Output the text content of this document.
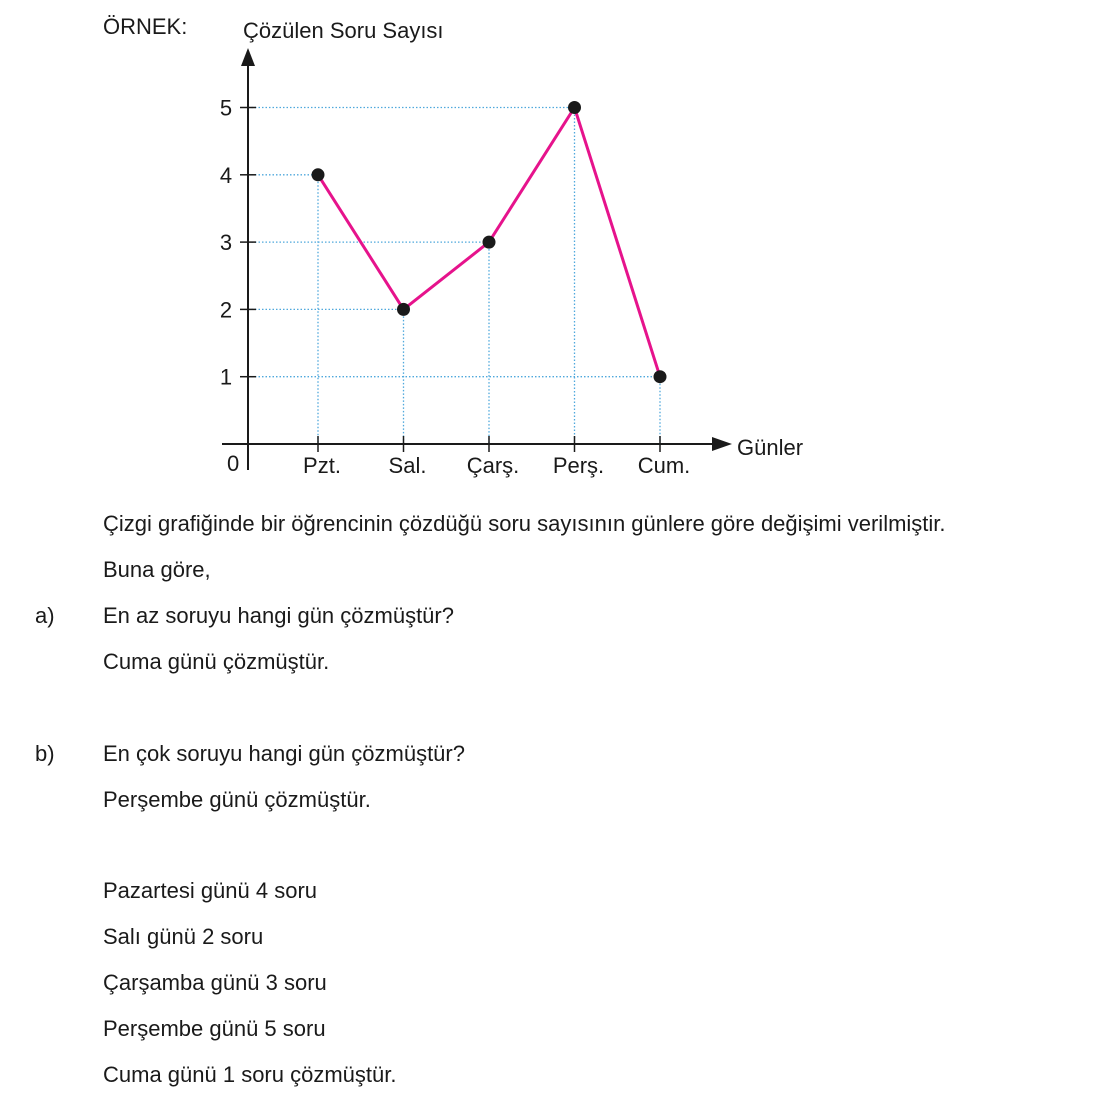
ÖRNEK:	Çözülen Soru Sayısı
Günler
0
1
2
3
4
5
Pzt. Sal. Çarş. Perş. Cum.
Çizgi grafiğinde bir öğrencinin çözdüğü soru sayısının günlere göre değişimi verilmiştir.
Buna göre,
a) En az soruyu hangi gün çözmüştür?
Cuma günü çözmüştür.
b) En çok soruyu hangi gün çözmüştür?
Perşembe günü çözmüştür.
Pazartesi günü 4 soru
Salı günü 2 soru
Çarşamba günü 3 soru
Perşembe günü 5 soru
Cuma günü 1 soru çözmüştür.
